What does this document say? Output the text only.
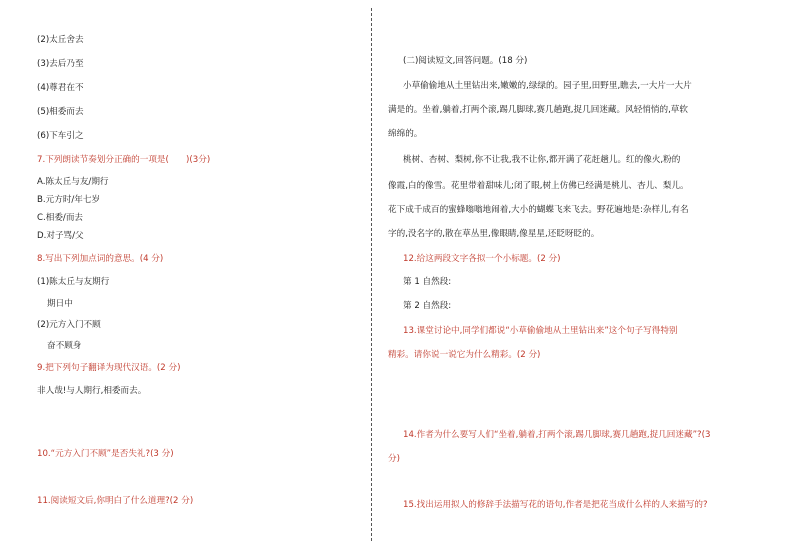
(2)太丘舍去
(3)去后乃至
(4)尊君在不
(5)相委而去
(6)下车引之
7.下列朗读节奏划分正确的一项是(　　)(3分)
A.陈太丘与友/期行
B.元方时/年七岁
C.相委/而去
D.对子骂/父
8.写出下列加点词的意思。(4 分)
(1)陈太丘与友期行
期日中
(2)元方入门不顾
奋不顾身
9.把下列句子翻译为现代汉语。(2 分)
非人哉!与人期行,相委而去。
10.“元方入门不顾”是否失礼?(3 分)
11.阅读短文后,你明白了什么道理?(2 分)
(二)阅读短文,回答问题。(18 分)
小草偷偷地从土里钻出来,嫩嫩的,绿绿的。园子里,田野里,瞧去,一大片一大片
满是的。坐着,躺着,打两个滚,踢几脚球,赛几趟跑,捉几回迷藏。风轻悄悄的,草软
绵绵的。
桃树、杏树、梨树,你不让我,我不让你,都开满了花赶趟儿。红的像火,粉的
像霞,白的像雪。花里带着甜味儿;闭了眼,树上仿佛已经满是桃儿、杏儿、梨儿。
花下成千成百的蜜蜂嗡嗡地闹着,大小的蝴蝶飞来飞去。野花遍地是:杂样儿,有名
字的,没名字的,散在草丛里,像眼睛,像星星,还眨呀眨的。
12.给这两段文字各拟一个小标题。(2 分)
第 1 自然段:
第 2 自然段:
13.课堂讨论中,同学们都说“小草偷偷地从土里钻出来”这个句子写得特别
精彩。请你说一说它为什么精彩。(2 分)
14.作者为什么要写人们“坐着,躺着,打两个滚,踢几脚球,赛几趟跑,捉几回迷藏”?(3
分)
15.找出运用拟人的修辞手法描写花的语句,作者是把花当成什么样的人来描写的?
